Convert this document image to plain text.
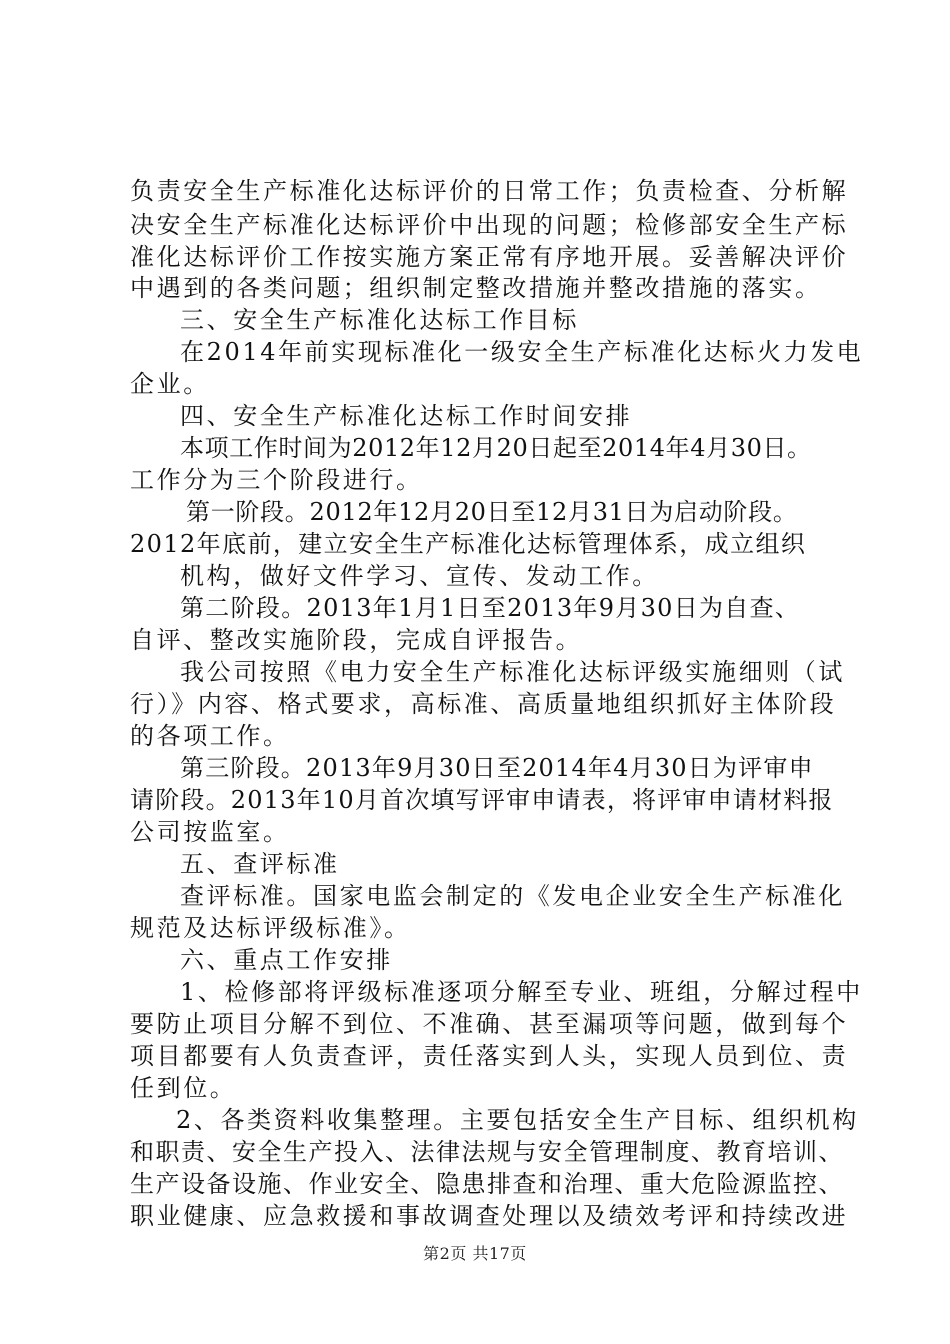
负责安全生产标准化达标评价的日常工作；负责检查、分析解
决安全生产标准化达标评价中出现的问题；检修部安全生产标
准化达标评价工作按实施方案正常有序地开展。妥善解决评价
中遇到的各类问题；组织制定整改措施并整改措施的落实。
三、安全生产标准化达标工作目标
在2014年前实现标准化一级安全生产标准化达标火力发电
企业。
四、安全生产标准化达标工作时间安排
本项工作时间为2012年12月20日起至2014年4月30日。
工作分为三个阶段进行。
第一阶段。2012年12月20日至12月31日为启动阶段。
2012年底前，建立安全生产标准化达标管理体系，成立组织
机构，做好文件学习、宣传、发动工作。
第二阶段。2013年1月1日至2013年9月30日为自查、
自评、整改实施阶段，完成自评报告。
我公司按照《电力安全生产标准化达标评级实施细则（试
行）》内容、格式要求，高标准、高质量地组织抓好主体阶段
的各项工作。
第三阶段。2013年9月30日至2014年4月30日为评审申
请阶段。2013年10月首次填写评审申请表，将评审申请材料报
公司按监室。
五、查评标准
查评标准。国家电监会制定的《发电企业安全生产标准化
规范及达标评级标准》。
六、重点工作安排
1、检修部将评级标准逐项分解至专业、班组，分解过程中
要防止项目分解不到位、不准确、甚至漏项等问题，做到每个
项目都要有人负责查评，责任落实到人头，实现人员到位、责
任到位。
2、各类资料收集整理。主要包括安全生产目标、组织机构
和职责、安全生产投入、法律法规与安全管理制度、教育培训、
生产设备设施、作业安全、隐患排查和治理、重大危险源监控、
职业健康、应急救援和事故调查处理以及绩效考评和持续改进
第2页 共17页
